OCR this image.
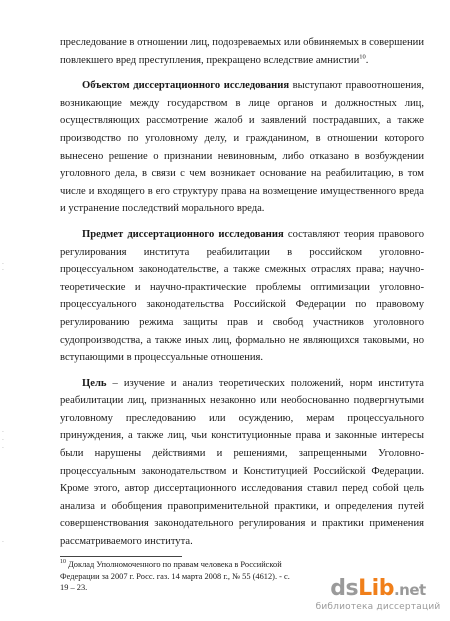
преследование в отношении лиц, подозреваемых или обвиняемых в совершении повлекшего вред преступления, прекращено вследствие амнистии$^{10}$.

Объектом диссертационного исследования выступают правоотношения, возникающие между государством в лице органов и должностных лиц, осуществляющих рассмотрение жалоб и заявлений пострадавших, а также производство по уголовному делу, и гражданином, в отношении которого вынесено решение о признании невиновным, либо отказано в возбуждении уголовного дела, в связи с чем возникает основание на реабилитацию, в том числе и входящего в его структуру права на возмещение имущественного вреда и устранение последствий морального вреда.

Предмет диссертационного исследования составляют теория правового регулирования института реабилитации в российском уголовно-процессуальном законодательстве, а также смежных отраслях права; научно-теоретические и научно-практические проблемы оптимизации уголовно-процессуального законодательства Российской Федерации по правовому регулированию режима защиты прав и свобод участников уголовного судопроизводства, а также иных лиц, формально не являющихся таковыми, но вступающими в процессуальные отношения.

Цель – изучение и анализ теоретических положений, норм института реабилитации лиц, признанных незаконно или необоснованно подвергнутыми уголовному преследованию или осуждению, мерам процессуального принуждения, а также лиц, чьи конституционные права и законные интересы были нарушены действиями и решениями, запрещенными Уголовно-процессуальным законодательством и Конституцией Российской Федерации. Кроме этого, автор диссертационного исследования ставил перед собой цель анализа и обобщения правоприменительной практики, и определения путей совершенствования законодательного регулирования и практики применения рассматриваемого института.

$^{10}$ Доклад Уполномоченного по правам человека в Российской Федерации за 2007 г. Росс. газ. 14 марта 2008 г., № 55 (4612). - с. 19 – 23.
·
·
·
·
·
·
dsLib.net
библиотека диссертаций
